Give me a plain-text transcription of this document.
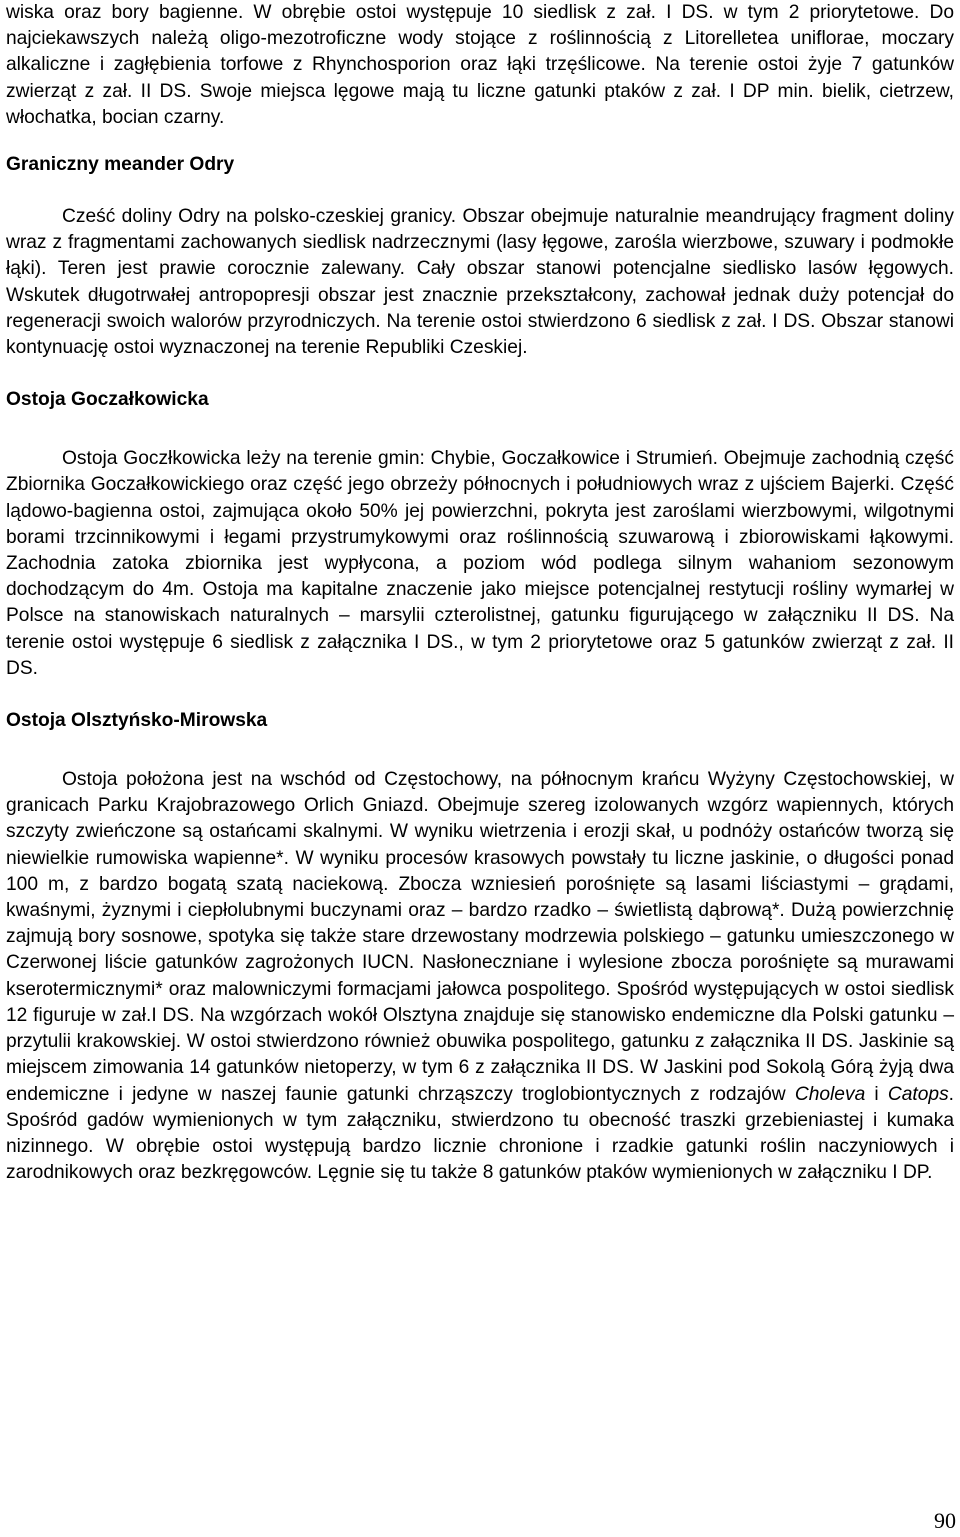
wiska oraz bory bagienne. W obrębie ostoi występuje 10 siedlisk z zał. I DS. w tym 2 priorytetowe. Do najciekawszych należą oligo-mezotroficzne wody stojące z roślinnością z Litorelletea uniflorae, moczary alkaliczne i zagłębienia torfowe z Rhynchosporion oraz łąki trzęślicowe. Na terenie ostoi żyje 7 gatunków zwierząt z zał. II DS. Swoje miejsca lęgowe mają tu liczne gatunki ptaków z zał. I DP min. bielik, cietrzew, włochatka, bocian czarny.

Graniczny meander Odry

Cześć doliny Odry na polsko-czeskiej granicy. Obszar obejmuje naturalnie meandrujący fragment doliny wraz z fragmentami zachowanych siedlisk nadrzecznymi (lasy łęgowe, zarośla wierzbowe, szuwary i podmokłe łąki). Teren jest prawie corocznie zalewany. Cały obszar stanowi potencjalne siedlisko lasów łęgowych. Wskutek długotrwałej antropopresji obszar jest znacznie przekształcony, zachował jednak duży potencjał do regeneracji swoich walorów przyrodniczych. Na terenie ostoi stwierdzono 6 siedlisk z zał. I DS. Obszar stanowi kontynuację ostoi wyznaczonej na terenie Republiki Czeskiej.

Ostoja Goczałkowicka

Ostoja Goczłkowicka leży na terenie gmin: Chybie, Goczałkowice i Strumień. Obejmuje zachodnią część Zbiornika Goczałkowickiego oraz część jego obrzeży północnych i południowych wraz z ujściem Bajerki. Część lądowo-bagienna ostoi, zajmująca około 50% jej powierzchni, pokryta jest zaroślami wierzbowymi, wilgotnymi borami trzcinnikowymi i łegami przystrumykowymi oraz roślinnością szuwarową i zbiorowiskami łąkowymi. Zachodnia zatoka zbiornika jest wypłycona, a poziom wód podlega silnym wahaniom sezonowym dochodzącym do 4m. Ostoja ma kapitalne znaczenie jako miejsce potencjalnej restytucji rośliny wymarłej w Polsce na stanowiskach naturalnych – marsylii czterolistnej, gatunku figurującego w załączniku II DS. Na terenie ostoi występuje 6 siedlisk z załącznika I DS., w tym 2 priorytetowe oraz 5 gatunków zwierząt z zał. II DS.

Ostoja Olsztyńsko-Mirowska

Ostoja położona jest na wschód od Częstochowy, na północnym krańcu Wyżyny Częstochowskiej, w granicach Parku Krajobrazowego Orlich Gniazd. Obejmuje szereg izolowanych wzgórz wapiennych, których szczyty zwieńczone są ostańcami skalnymi. W wyniku wietrzenia i erozji skał, u podnóży ostańców tworzą się niewielkie rumowiska wapienne*. W wyniku procesów krasowych powstały tu liczne jaskinie, o długości ponad 100 m, z bardzo bogatą szatą naciekową. Zbocza wzniesień porośnięte są lasami liściastymi – grądami, kwaśnymi, żyznymi i ciepłolubnymi buczynami oraz – bardzo rzadko – świetlistą dąbrową*. Dużą powierzchnię zajmują bory sosnowe, spotyka się także stare drzewostany modrzewia polskiego – gatunku umieszczonego w Czerwonej liście gatunków zagrożonych IUCN. Nasłoneczniane i wylesione zbocza porośnięte są murawami kserotermicznymi* oraz malowniczymi formacjami jałowca pospolitego. Spośród występujących w ostoi siedlisk 12 figuruje w zał.I DS. Na wzgórzach wokół Olsztyna znajduje się stanowisko endemiczne dla Polski gatunku – przytulii krakowskiej. W ostoi stwierdzono również obuwika pospolitego, gatunku z załącznika II DS. Jaskinie są miejscem zimowania 14 gatunków nietoperzy, w tym 6 z załącznika II DS. W Jaskini pod Sokolą Górą żyją dwa endemiczne i jedyne w naszej faunie gatunki chrząszczy troglobiontycznych z rodzajów Choleva i Catops. Spośród gadów wymienionych w tym załączniku, stwierdzono tu obecność traszki grzebieniastej i kumaka nizinnego. W obrębie ostoi występują bardzo licznie chronione i rzadkie gatunki roślin naczyniowych i zarodnikowych oraz bezkręgowców. Lęgnie się tu także 8 gatunków ptaków wymienionych w załączniku I DP.

90
